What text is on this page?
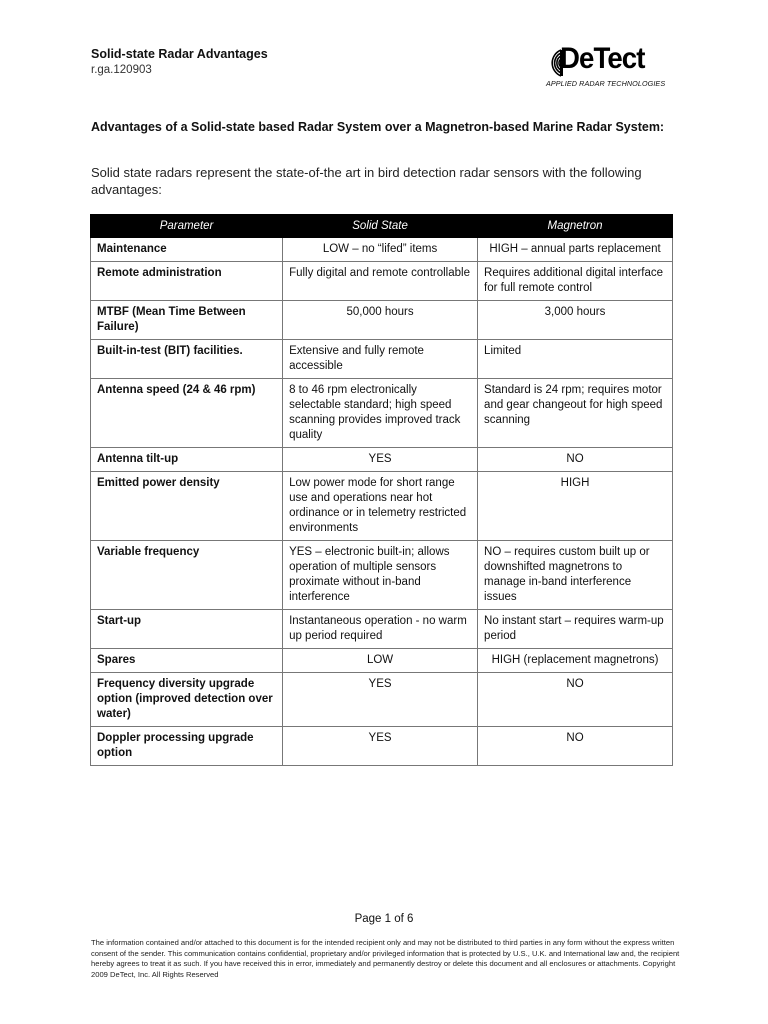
Solid-state Radar Advantages
r.ga.120903	DeTect
APPLIED RADAR TECHNOLOGIES
Advantages of a Solid-state based Radar System over a Magnetron-based Marine Radar System:
Solid state radars represent the state-of-the art in bird detection radar sensors with the following advantages:
Parameter	Solid State	Magnetron
Maintenance	LOW – no “lifed” items	HIGH – annual parts replacement
Remote administration	Fully digital and remote controllable	Requires additional digital interface for full remote control
MTBF (Mean Time Between Failure)	50,000 hours	3,000 hours
Built-in-test (BIT) facilities.	Extensive and fully remote accessible	Limited
Antenna speed (24 & 46 rpm)	8 to 46 rpm electronically selectable standard; high speed scanning provides improved track quality	Standard is 24 rpm; requires motor and gear changeout for high speed scanning
Antenna tilt-up	YES	NO
Emitted power density	Low power mode for short range use and operations near hot ordinance or in telemetry restricted environments	HIGH
Variable frequency	YES – electronic built-in; allows operation of multiple sensors proximate without in-band interference	NO – requires custom built up or downshifted magnetrons to manage in-band interference issues
Start-up	Instantaneous operation - no warm up period required	No instant start – requires warm-up period
Spares	LOW	HIGH (replacement magnetrons)
Frequency diversity upgrade option (improved detection over water)	YES	NO
Doppler processing upgrade option	YES	NO
Page 1 of 6
The information contained and/or attached to this document is for the intended recipient only and may not be distributed to third parties in any form without the express written consent of the sender. This communication contains confidential, proprietary and/or privileged information that is protected by U.S., U.K. and International law and, the recipient hereby agrees to treat it as such. If you have received this in error, immediately and permanently destroy or delete this document and all enclosures or attachments. Copyright 2009 DeTect, Inc. All Rights Reserved
